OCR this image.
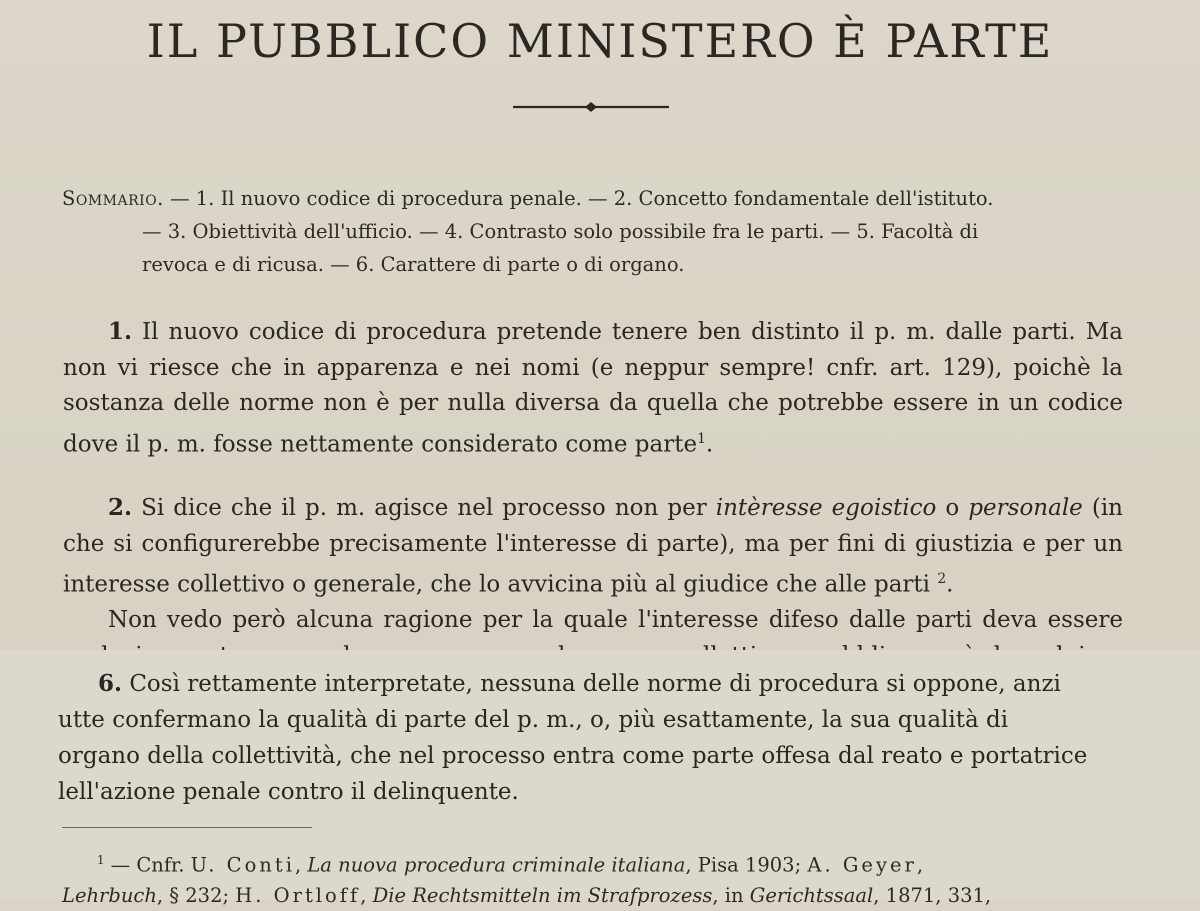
IL PUBBLICO MINISTERO È PARTE
Sommario. — 1. Il nuovo codice di procedura penale. — 2. Concetto fondamentale dell'istituto.
— 3. Obiettività dell'ufficio. — 4. Contrasto solo possibile fra le parti. — 5. Facoltà di
revoca e di ricusa. — 6. Carattere di parte o di organo.
1. Il nuovo codice di procedura pretende tenere ben distinto il p. m. dalle parti. Ma non vi riesce che in apparenza e nei nomi (e neppur sempre! cnfr. art. 129), poichè la sostanza delle norme non è per nulla diversa da quella che potrebbe essere in un codice dove il p. m. fosse nettamente considerato come parte$^1$.
2. Si dice che il p. m. agisce nel processo non per intèresse egoistico o personale (in che si configurerebbe precisamente l'interesse di parte), ma per fini di giustizia e per un interesse collettivo o generale, che lo avvicina più al giudice che alle parti $^2$.
Non vedo però alcuna ragione per la quale l'interesse difeso dalle parti deva essere
6. Così rettamente interpretate, nessuna delle norme di procedura si oppone, anzi
utte confermano la qualità di parte del p. m., o, più esattamente, la sua qualità di
organo della collettività, che nel processo entra come parte offesa dal reato e portatrice
lell'azione penale contro il delinquente.
$^1$ — Cnfr. U. Conti, La nuova procedura criminale italiana, Pisa 1903; A. Geyer,
Lehrbuch, § 232; H. Ortloff, Die Rechtsmitteln im Strafprozess, in Gerichtssaal, 1871, 331,
